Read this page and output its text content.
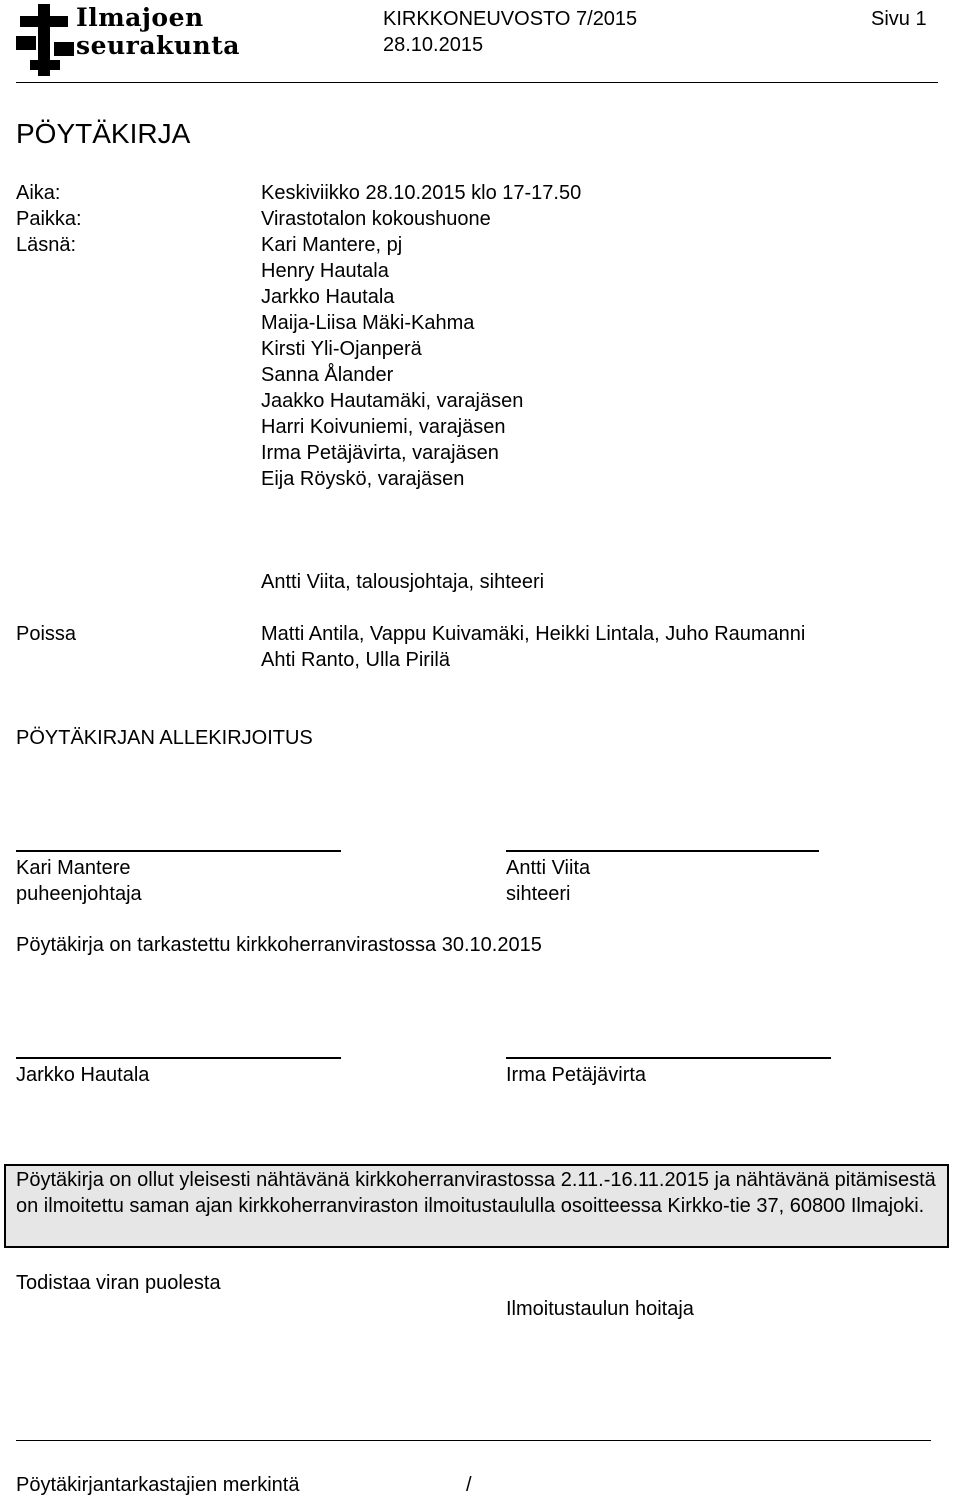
Ilmajoen
seurakunta
KIRKKONEUVOSTO 7/2015
28.10.2015
Sivu 1
PÖYTÄKIRJA
Aika:	Keskiviikko 28.10.2015 klo 17-17.50
Paikka:	Virastotalon kokoushuone
Läsnä:	Kari Mantere, pj
Henry Hautala
Jarkko Hautala
Maija-Liisa Mäki-Kahma
Kirsti Yli-Ojanperä
Sanna Ålander
Jaakko Hautamäki, varajäsen
Harri Koivuniemi, varajäsen
Irma Petäjävirta, varajäsen
Eija Röyskö, varajäsen
Antti Viita, talousjohtaja, sihteeri
Poissa	Matti Antila, Vappu Kuivamäki, Heikki Lintala, Juho Raumanni
Ahti Ranto, Ulla Pirilä
PÖYTÄKIRJAN ALLEKIRJOITUS
Kari Mantere
puheenjohtaja
Antti Viita
sihteeri
Pöytäkirja on tarkastettu kirkkoherranvirastossa 30.10.2015
Jarkko Hautala	Irma Petäjävirta
Pöytäkirja on ollut yleisesti nähtävänä kirkkoherranvirastossa 2.11.-16.11.2015 ja nähtävänä pitämisestä on ilmoitettu saman ajan kirkkoherranviraston ilmoitustaululla osoitteessa Kirkko-tie 37, 60800 Ilmajoki.
Todistaa viran puolesta
Ilmoitustaulun hoitaja
Pöytäkirjantarkastajien merkintä	/
